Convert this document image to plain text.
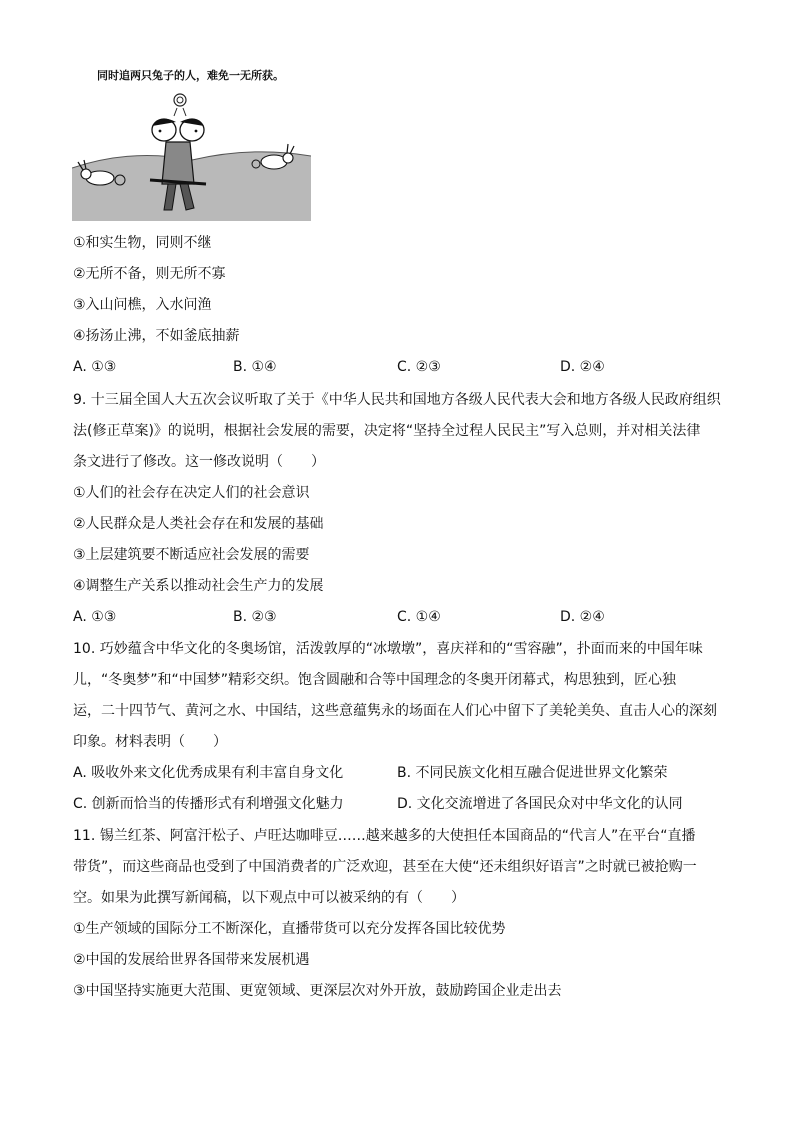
同时追两只兔子的人，难免一无所获。
①和实生物，同则不继
②无所不备，则无所不寡
③入山问樵，入水问渔
④扬汤止沸，不如釜底抽薪
A. ①③	B. ①④	C. ②③	D. ②④
9. 十三届全国人大五次会议听取了关于《中华人民共和国地方各级人民代表大会和地方各级人民政府组织
法(修正草案)》的说明，根据社会发展的需要，决定将“坚持全过程人民民主”写入总则，并对相关法律
条文进行了修改。这一修改说明（　　）
①人们的社会存在决定人们的社会意识
②人民群众是人类社会存在和发展的基础
③上层建筑要不断适应社会发展的需要
④调整生产关系以推动社会生产力的发展
A. ①③	B. ②③	C. ①④	D. ②④
10. 巧妙蕴含中华文化的冬奥场馆，活泼敦厚的“冰墩墩”，喜庆祥和的“雪容融”，扑面而来的中国年味
儿，“冬奥梦”和“中国梦”精彩交织。饱含圆融和合等中国理念的冬奥开闭幕式，构思独到，匠心独
运，二十四节气、黄河之水、中国结，这些意蕴隽永的场面在人们心中留下了美轮美奂、直击人心的深刻
印象。材料表明（　　）
A. 吸收外来文化优秀成果有利丰富自身文化	B. 不同民族文化相互融合促进世界文化繁荣
C. 创新而恰当的传播形式有利增强文化魅力	D. 文化交流增进了各国民众对中华文化的认同
11. 锡兰红茶、阿富汗松子、卢旺达咖啡豆……越来越多的大使担任本国商品的“代言人”在平台“直播
带货”，而这些商品也受到了中国消费者的广泛欢迎，甚至在大使“还未组织好语言”之时就已被抢购一
空。如果为此撰写新闻稿，以下观点中可以被采纳的有（　　）
①生产领域的国际分工不断深化，直播带货可以充分发挥各国比较优势
②中国的发展给世界各国带来发展机遇
③中国坚持实施更大范围、更宽领域、更深层次对外开放，鼓励跨国企业走出去
